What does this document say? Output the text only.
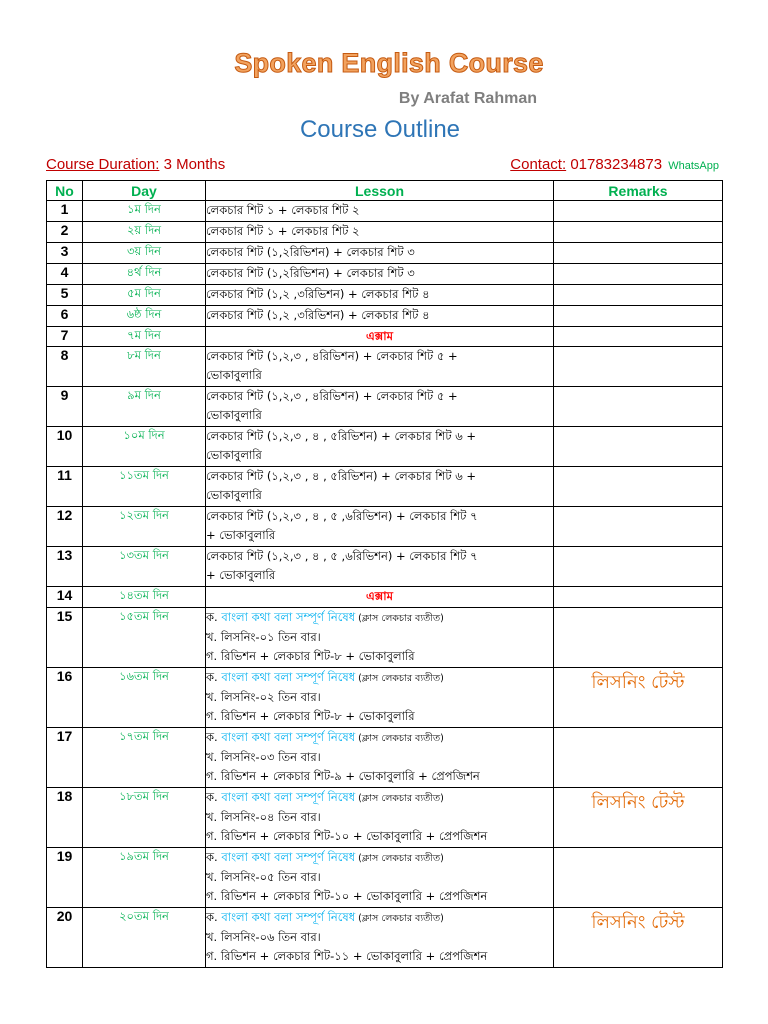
Spoken English Course
By Arafat Rahman
Course Outline
Course Duration: 3 Months	Contact: 01783234873 WhatsApp
No	Day	Lesson	Remarks
1	১ম দিন	লেকচার শিট ১ + লেকচার শিট ২	

2	২য় দিন	লেকচার শিট ১ + লেকচার শিট ২	

3	৩য় দিন	লেকচার শিট (১,২রিভিশন) + লেকচার শিট ৩	

4	৪র্থ দিন	লেকচার শিট (১,২রিভিশন) + লেকচার শিট ৩	

5	৫ম দিন	লেকচার শিট (১,২ ,৩রিভিশন) + লেকচার শিট ৪	

6	৬ষ্ঠ দিন	লেকচার শিট (১,২ ,৩রিভিশন) + লেকচার শিট ৪	

7	৭ম দিন	এক্সাম	
8	৮ম দিন	লেকচার শিট (১,২,৩ , ৪রিভিশন) + লেকচার শিট ৫ +
ভোকাবুলারি	

9	৯ম দিন	লেকচার শিট (১,২,৩ , ৪রিভিশন) + লেকচার শিট ৫ +
ভোকাবুলারি	

10	১০ম দিন	লেকচার শিট (১,২,৩ , ৪ , ৫রিভিশন) + লেকচার শিট ৬ +
ভোকাবুলারি	

11	১১তম দিন	লেকচার শিট (১,২,৩ , ৪ , ৫রিভিশন) + লেকচার শিট ৬ +
ভোকাবুলারি	

12	১২তম দিন	লেকচার শিট (১,২,৩ , ৪ , ৫ ,৬রিভিশন) + লেকচার শিট ৭
+ ভোকাবুলারি	

13	১৩তম দিন	লেকচার শিট (১,২,৩ , ৪ , ৫ ,৬রিভিশন) + লেকচার শিট ৭
+ ভোকাবুলারি	

14	১৪তম দিন	এক্সাম	
15	১৫তম দিন	ক. বাংলা কথা বলা সম্পূর্ণ নিষেধ (ক্লাস লেকচার ব্যতীত)
খ. লিসনিং-০১ তিন বার।
গ. রিভিশন + লেকচার শিট-৮ + ভোকাবুলারি	

16	১৬তম দিন	ক. বাংলা কথা বলা সম্পূর্ণ নিষেধ (ক্লাস লেকচার ব্যতীত)
খ. লিসনিং-০২ তিন বার।
গ. রিভিশন + লেকচার শিট-৮ + ভোকাবুলারি	লিসনিং টেস্ট
17	১৭তম দিন	ক. বাংলা কথা বলা সম্পূর্ণ নিষেধ (ক্লাস লেকচার ব্যতীত)
খ. লিসনিং-০৩ তিন বার।
গ. রিভিশন + লেকচার শিট-৯ + ভোকাবুলারি + প্রেপজিশন	

18	১৮তম দিন	ক. বাংলা কথা বলা সম্পূর্ণ নিষেধ (ক্লাস লেকচার ব্যতীত)
খ. লিসনিং-০৪ তিন বার।
গ. রিভিশন + লেকচার শিট-১০ + ভোকাবুলারি + প্রেপজিশন	লিসনিং টেস্ট
19	১৯তম দিন	ক. বাংলা কথা বলা সম্পূর্ণ নিষেধ (ক্লাস লেকচার ব্যতীত)
খ. লিসনিং-০৫ তিন বার।
গ. রিভিশন + লেকচার শিট-১০ + ভোকাবুলারি + প্রেপজিশন	

20	২০তম দিন	ক. বাংলা কথা বলা সম্পূর্ণ নিষেধ (ক্লাস লেকচার ব্যতীত)
খ. লিসনিং-০৬ তিন বার।
গ. রিভিশন + লেকচার শিট-১১ + ভোকাবুলারি + প্রেপজিশন	লিসনিং টেস্ট
